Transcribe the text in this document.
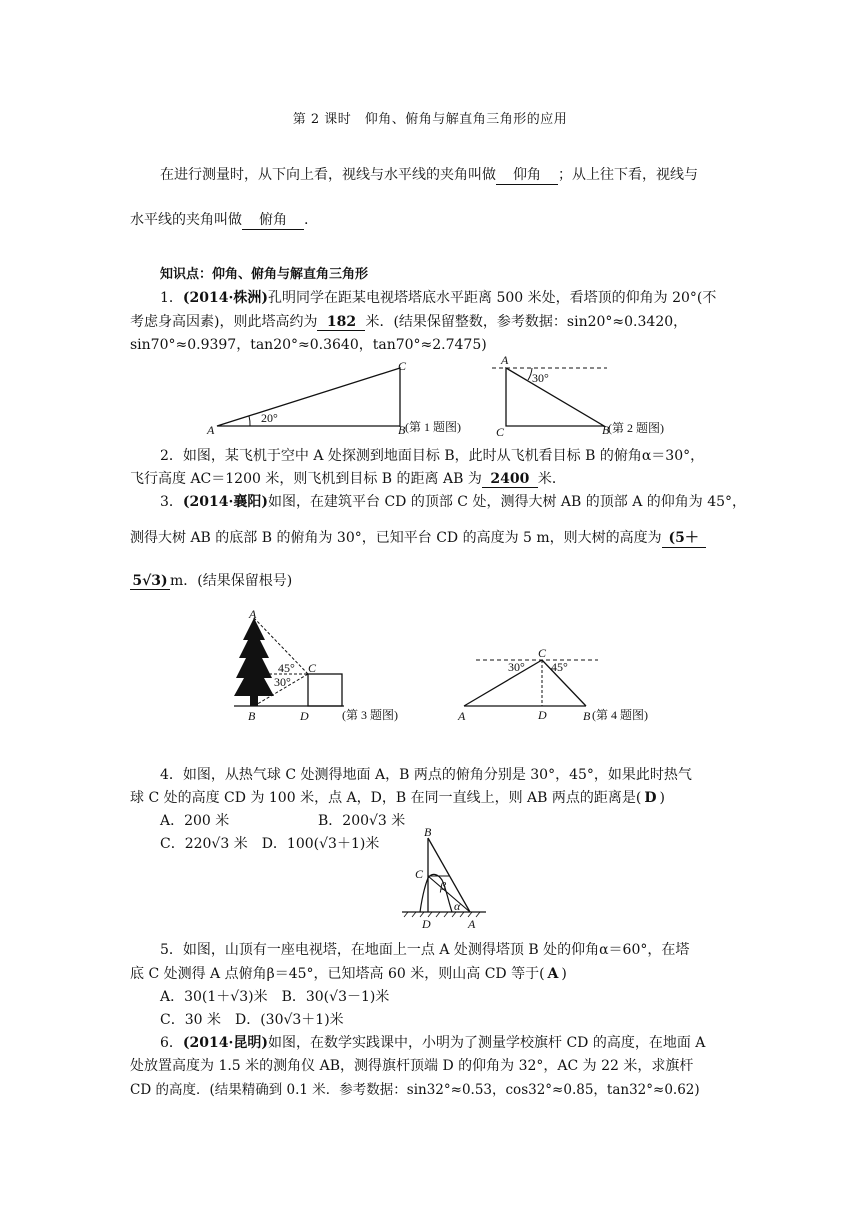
第 2 课时　仰角、俯角与解直角三角形的应用
在进行测量时，从下向上看，视线与水平线的夹角叫做 仰角 ；从上往下看，视线与
水平线的夹角叫做 俯角 .
知识点：仰角、俯角与解直角三角形
1．(2014·株洲)孔明同学在距某电视塔塔底水平距离 500 米处，看塔顶的仰角为 20°(不
考虑身高因素)，则此塔高约为 182 米．(结果保留整数，参考数据：sin20°≈0.3420，
sin70°≈0.9397，tan20°≈0.3640，tan70°≈2.7475)
20°
A	B
C
(第 1 题图)
30°
A
B
C	(第 2 题图)
2．如图，某飞机于空中 A 处探测到地面目标 B，此时从飞机看目标 B 的俯角α＝30°，
飞行高度 AC＝1200 米，则飞机到目标 B 的距离 AB 为 2400 米．
3．(2014·襄阳)如图，在建筑平台 CD 的顶部 C 处，测得大树 AB 的顶部 A 的仰角为 45°，
测得大树 AB 的底部 B 的俯角为 30°，已知平台 CD 的高度为 5 m，则大树的高度为 (5＋
5√3) m．(结果保留根号)
45°
30°
A
B
C
D	(第 3 题图)
30° 45°
A	B
C
D	(第 4 题图)
4．如图，从热气球 C 处测得地面 A，B 两点的俯角分别是 30°，45°，如果此时热气
球 C 处的高度 CD 为 100 米，点 A，D，B 在同一直线上，则 AB 两点的距离是( D )
A．200 米	B．200√3 米
C．220√3 米　D．100(√3＋1)米
β
α
B
C
D	A
5．如图，山顶有一座电视塔，在地面上一点 A 处测得塔顶 B 处的仰角α＝60°，在塔
底 C 处测得 A 点俯角β＝45°，已知塔高 60 米，则山高 CD 等于( A )
A．30(1＋√3)米　B．30(√3－1)米
C．30 米　D．(30√3＋1)米
6．(2014·昆明)如图，在数学实践课中，小明为了测量学校旗杆 CD 的高度，在地面 A
处放置高度为 1.5 米的测角仪 AB，测得旗杆顶端 D 的仰角为 32°，AC 为 22 米，求旗杆
CD 的高度．(结果精确到 0.1 米．参考数据：sin32°≈0.53，cos32°≈0.85，tan32°≈0.62)
